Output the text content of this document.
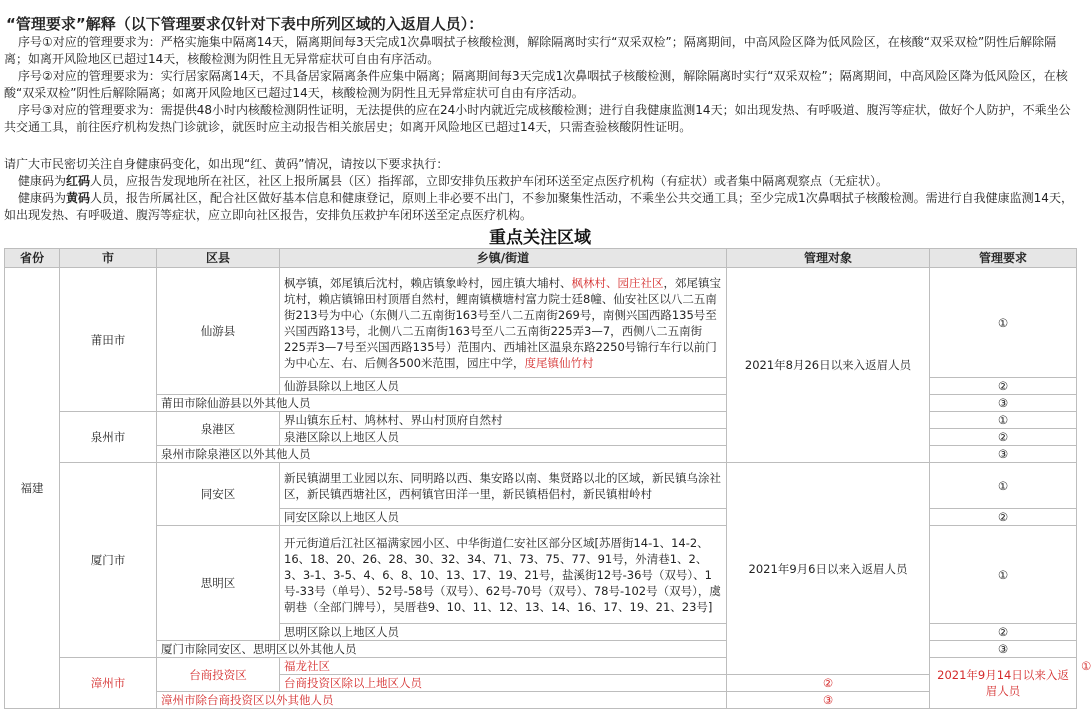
“管理要求”解释（以下管理要求仅针对下表中所列区域的入返眉人员）：

序号①对应的管理要求为：严格实施集中隔离14天，隔离期间每3天完成1次鼻咽拭子核酸检测，解除隔离时实行“双采双检”；隔离期间，中高风险区降为低风险区，在核酸“双采双检”阴性后解除隔离；如离开风险地区已超过14天，核酸检测为阴性且无异常症状可自由有序活动。

序号②对应的管理要求为：实行居家隔离14天，不具备居家隔离条件应集中隔离；隔离期间每3天完成1次鼻咽拭子核酸检测，解除隔离时实行“双采双检”；隔离期间，中高风险区降为低风险区，在核酸“双采双检”阴性后解除隔离；如离开风险地区已超过14天，核酸检测为阴性且无异常症状可自由有序活动。

序号③对应的管理要求为：需提供48小时内核酸检测阴性证明，无法提供的应在24小时内就近完成核酸检测；进行自我健康监测14天；如出现发热、有呼吸道、腹泻等症状，做好个人防护，不乘坐公共交通工具，前往医疗机构发热门诊就诊，就医时应主动报告相关旅居史；如离开风险地区已超过14天，只需查验核酸阴性证明。

请广大市民密切关注自身健康码变化，如出现“红、黄码”情况，请按以下要求执行：

健康码为红码人员，应报告发现地所在社区，社区上报所属县（区）指挥部，立即安排负压救护车闭环送至定点医疗机构（有症状）或者集中隔离观察点（无症状）。

健康码为黄码人员，报告所属社区，配合社区做好基本信息和健康登记，原则上非必要不出门，不参加聚集性活动，不乘坐公共交通工具；至少完成1次鼻咽拭子核酸检测。需进行自我健康监测14天，如出现发热、有呼吸道、腹泻等症状，应立即向社区报告，安排负压救护车闭环送至定点医疗机构。

重点关注区域
省份	市	区县	乡镇/街道	管理对象	管理要求	
福建	莆田市	仙游县	枫亭镇，郊尾镇后沈村，赖店镇象岭村，园庄镇大埔村、枫林村、园庄社区，郊尾镇宝坑村，赖店镇锦田村顶厝自然村，鲤南镇横塘村富力院士廷8幢、仙安社区以八二五南街213号为中心（东侧八二五南街163号至八二五南街269号，南侧兴国西路135号至兴国西路13号，北侧八二五南街163号至八二五南街225弄3—7，西侧八二五南街225弄3—7号至兴国西路135号）范围内、西埔社区温泉东路2250号锦行车行以前门为中心左、右、后侧各500米范围，园庄中学，度尾镇仙竹村	2021年8月26日以来入返眉人员	①	
			仙游县除以上地区人员		②	
		莆田市除仙游县以外其他人员			③	
	泉州市	泉港区	界山镇东丘村、鸠林村、界山村顶府自然村		①	
			泉港区除以上地区人员		②	
		泉州市除泉港区以外其他人员			③	
	厦门市	同安区	新民镇湖里工业园以东、同明路以西、集安路以南、集贤路以北的区域，新民镇乌涂社区，新民镇西塘社区，西柯镇官田洋一里，新民镇梧侣村，新民镇柑岭村	2021年9月6日以来入返眉人员	①	
			同安区除以上地区人员		②	
		思明区	开元街道后江社区福满家园小区、中华街道仁安社区部分区域[苏厝街14-1、14-2、16、18、20、26、28、30、32、34、71、73、75、77、91号，外清巷1、2、3、3-1、3-5、4、6、8、10、13、17、19、21号，盐溪街12号-36号（双号）、1号-33号（单号）、52号-58号（双号）、62号-70号（双号）、78号-102号（双号），虞朝巷（全部门牌号），吴厝巷9、10、11、12、13、14、16、17、19、21、23号]		①	
			思明区除以上地区人员		②	
		厦门市除同安区、思明区以外其他人员			③	
	漳州市	台商投资区	福龙社区		2021年9月14日以来入返眉人员	①
			台商投资区除以上地区人员	②		
		漳州市除台商投资区以外其他人员		③		
